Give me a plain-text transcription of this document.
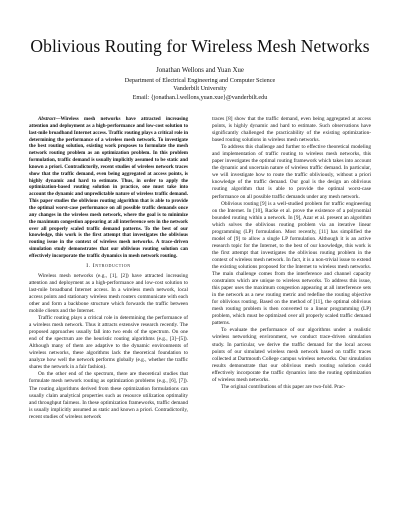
Oblivious Routing for Wireless Mesh Networks
Jonathan Wellons and Yuan Xue
Department of Electrical Engineering and Computer Science
Vanderbilt University
Email: {jonathan.l.wellons,yuan.xue}@vanderbilt.edu

Abstract—Wireless mesh networks have attracted increasing attention and deployment as a high-performance and low-cost solution to last-mile broadband Internet access. Traffic routing plays a critical role in determining the performance of a wireless mesh network. To investigate the best routing solution, existing work proposes to formulate the mesh network routing problem as an optimization problem. In this problem formulation, traffic demand is usually implicitly assumed to be static and known a priori. Contradictorily, recent studies of wireless network traces show that the traffic demand, even being aggregated at access points, is highly dynamic and hard to estimate. Thus, in order to apply the optimization-based routing solution in practice, one must take into account the dynamic and unpredictable nature of wireless traffic demand. This paper studies the oblivious routing algorithm that is able to provide the optimal worst-case performance on all possible traffic demands once any changes in the wireless mesh network, where the goal is to minimize the maximum congestion appearing at all interference sets in the network over all properly scaled traffic demand patterns. To the best of our knowledge, this work is the first attempt that investigates the oblivious routing issue in the context of wireless mesh networks. A trace-driven simulation study demonstrates that our oblivious routing solution can effectively incorporate the traffic dynamics in mesh network routing.

I. Introduction

Wireless mesh networks (e.g., [1], [2]) have attracted increasing attention and deployment as a high-performance and low-cost solution to last-mile broadband Internet access. In a wireless mesh network, local access points and stationary wireless mesh routers communicate with each other and form a backbone structure which forwards the traffic between mobile clients and the Internet.

Traffic routing plays a critical role in determining the performance of a wireless mesh network. Thus it attracts extensive research recently. The proposed approaches usually fall into two ends of the spectrum. On one end of the spectrum are the heuristic routing algorithms (e.g., [3]–[5]). Although many of them are adaptive to the dynamic environments of wireless networks, these algorithms lack the theoretical foundation to analyze how well the network performs globally (e.g., whether the traffic shares the network in a fair fashion).

On the other end of the spectrum, there are theoretical studies that formulate mesh network routing as optimization problems (e.g., [6], [7]). The routing algorithms derived from these optimization formulations can usually claim analytical properties such as resource utilization optimality and throughput fairness. In these optimization frameworks, traffic demand is usually implicitly assumed as static and known a priori. Contradictorily, recent studies of wireless network

traces [8] show that the traffic demand, even being aggregated at access points, is highly dynamic and hard to estimate. Such observations have significantly challenged the practicability of the existing optimization-based routing solutions in wireless mesh networks.

To address this challenge and further to effective theoretical modeling and implementation of traffic routing to wireless mesh networks, this paper investigates the optimal routing framework which takes into account the dynamic and uncertain nature of wireless traffic demand. In particular, we will investigate how to route the traffic obliviously, without a priori knowledge of the traffic demand. Our goal is the design an oblivious routing algorithm that is able to provide the optimal worst-case performance on all possible traffic demands under any mesh network.

Oblivious routing [9] is a well-studied problem for traffic engineering on the Internet. In [10], Racke et al. prove the existence of a polynomial bounded routing within a network. In [9], Azar et al. present an algorithm which solves the oblivious routing problem via an iterative linear programming (LP) formulation. Most recently, [11] has simplified the model of [9] to allow a single LP formulation. Although it is an active research topic for the Internet, to the best of our knowledge, this work is the first attempt that investigates the oblivious routing problem in the context of wireless mesh network. In fact, it is a non-trivial issue to extend the existing solutions proposed for the Internet to wireless mesh networks. The main challenge comes from the interference and channel capacity constraints which are unique to wireless networks. To address this issue, this paper uses the maximum congestion appearing at all interference sets in the network as a new routing metric and redefine the routing objective for oblivious routing. Based on the method of [11], the optimal oblivious mesh routing problem is then converted to a linear programming (LP) problem, which must be optimized over all properly scaled traffic demand patterns.

To evaluate the performance of our algorithms under a realistic wireless networking environment, we conduct trace-driven simulation study. In particular, we derive the traffic demand for the local access points of our simulated wireless mesh network based on traffic traces collected at Dartmouth College campus wireless networks. Our simulation results demonstrate that our oblivious mesh routing solution could effectively incorporate the traffic dynamics into the routing optimization of wireless mesh networks.

The original contributions of this paper are two-fold. Prac-
